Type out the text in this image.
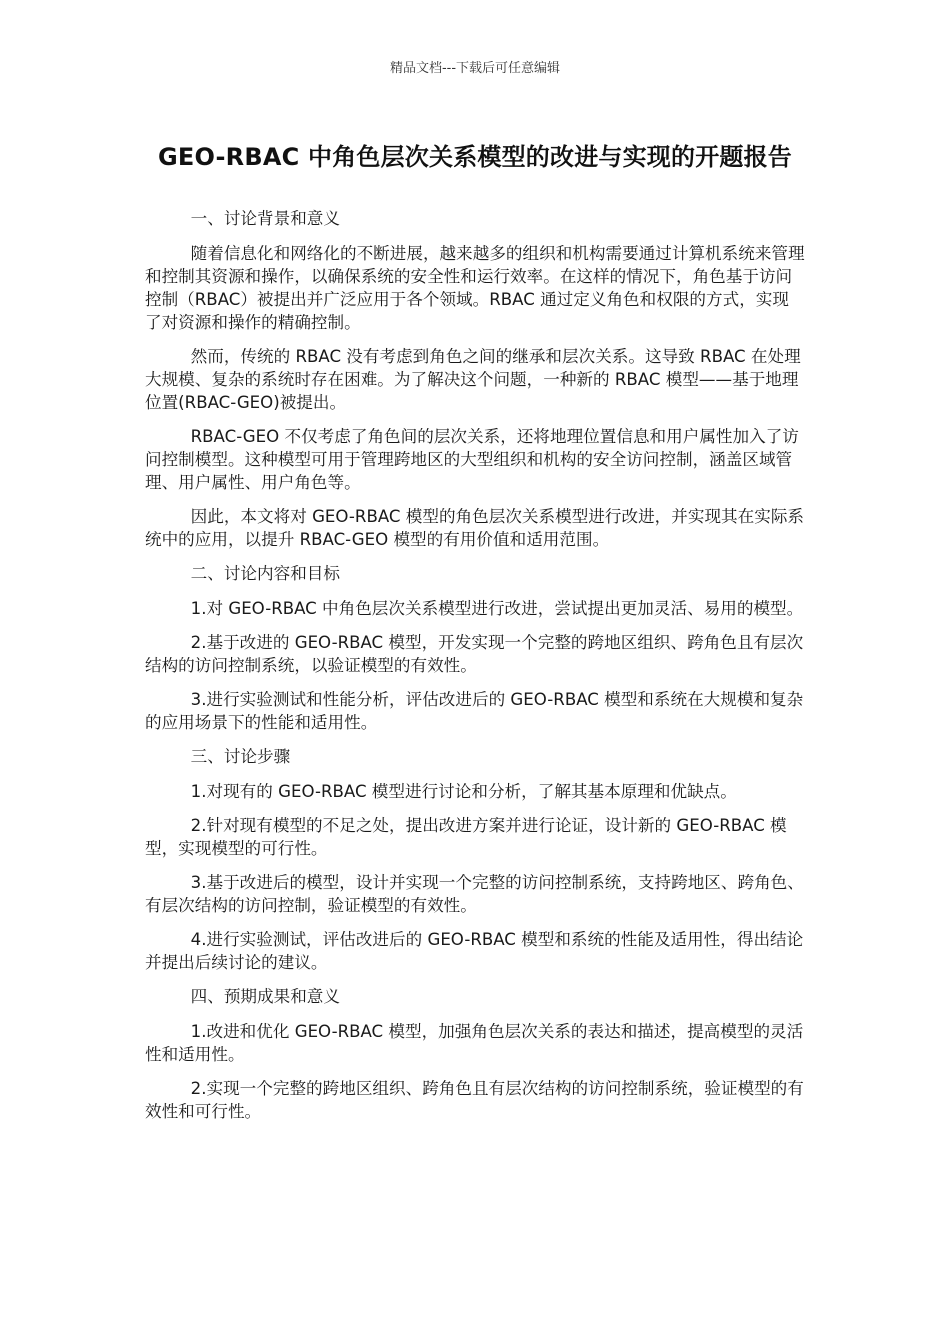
精品文档---下载后可任意编辑
GEO-RBAC 中角色层次关系模型的改进与实现的开题报告

一、讨论背景和意义

随着信息化和网络化的不断进展，越来越多的组织和机构需要通过计算机系统来管理和控制其资源和操作，以确保系统的安全性和运行效率。在这样的情况下，角色基于访问控制（RBAC）被提出并广泛应用于各个领域。RBAC 通过定义角色和权限的方式，实现了对资源和操作的精确控制。

然而，传统的 RBAC 没有考虑到角色之间的继承和层次关系。这导致 RBAC 在处理大规模、复杂的系统时存在困难。为了解决这个问题，一种新的 RBAC 模型——基于地理位置(RBAC-GEO)被提出。

RBAC-GEO 不仅考虑了角色间的层次关系，还将地理位置信息和用户属性加入了访问控制模型。这种模型可用于管理跨地区的大型组织和机构的安全访问控制，涵盖区域管理、用户属性、用户角色等。

因此，本文将对 GEO-RBAC 模型的角色层次关系模型进行改进，并实现其在实际系统中的应用，以提升 RBAC-GEO 模型的有用价值和适用范围。

二、讨论内容和目标

1.对 GEO-RBAC 中角色层次关系模型进行改进，尝试提出更加灵活、易用的模型。

2.基于改进的 GEO-RBAC 模型，开发实现一个完整的跨地区组织、跨角色且有层次结构的访问控制系统，以验证模型的有效性。

3.进行实验测试和性能分析，评估改进后的 GEO-RBAC 模型和系统在大规模和复杂的应用场景下的性能和适用性。

三、讨论步骤

1.对现有的 GEO-RBAC 模型进行讨论和分析，了解其基本原理和优缺点。

2.针对现有模型的不足之处，提出改进方案并进行论证，设计新的 GEO-RBAC 模型，实现模型的可行性。

3.基于改进后的模型，设计并实现一个完整的访问控制系统，支持跨地区、跨角色、有层次结构的访问控制，验证模型的有效性。

4.进行实验测试，评估改进后的 GEO-RBAC 模型和系统的性能及适用性，得出结论并提出后续讨论的建议。

四、预期成果和意义

1.改进和优化 GEO-RBAC 模型，加强角色层次关系的表达和描述，提高模型的灵活性和适用性。

2.实现一个完整的跨地区组织、跨角色且有层次结构的访问控制系统，验证模型的有效性和可行性。
